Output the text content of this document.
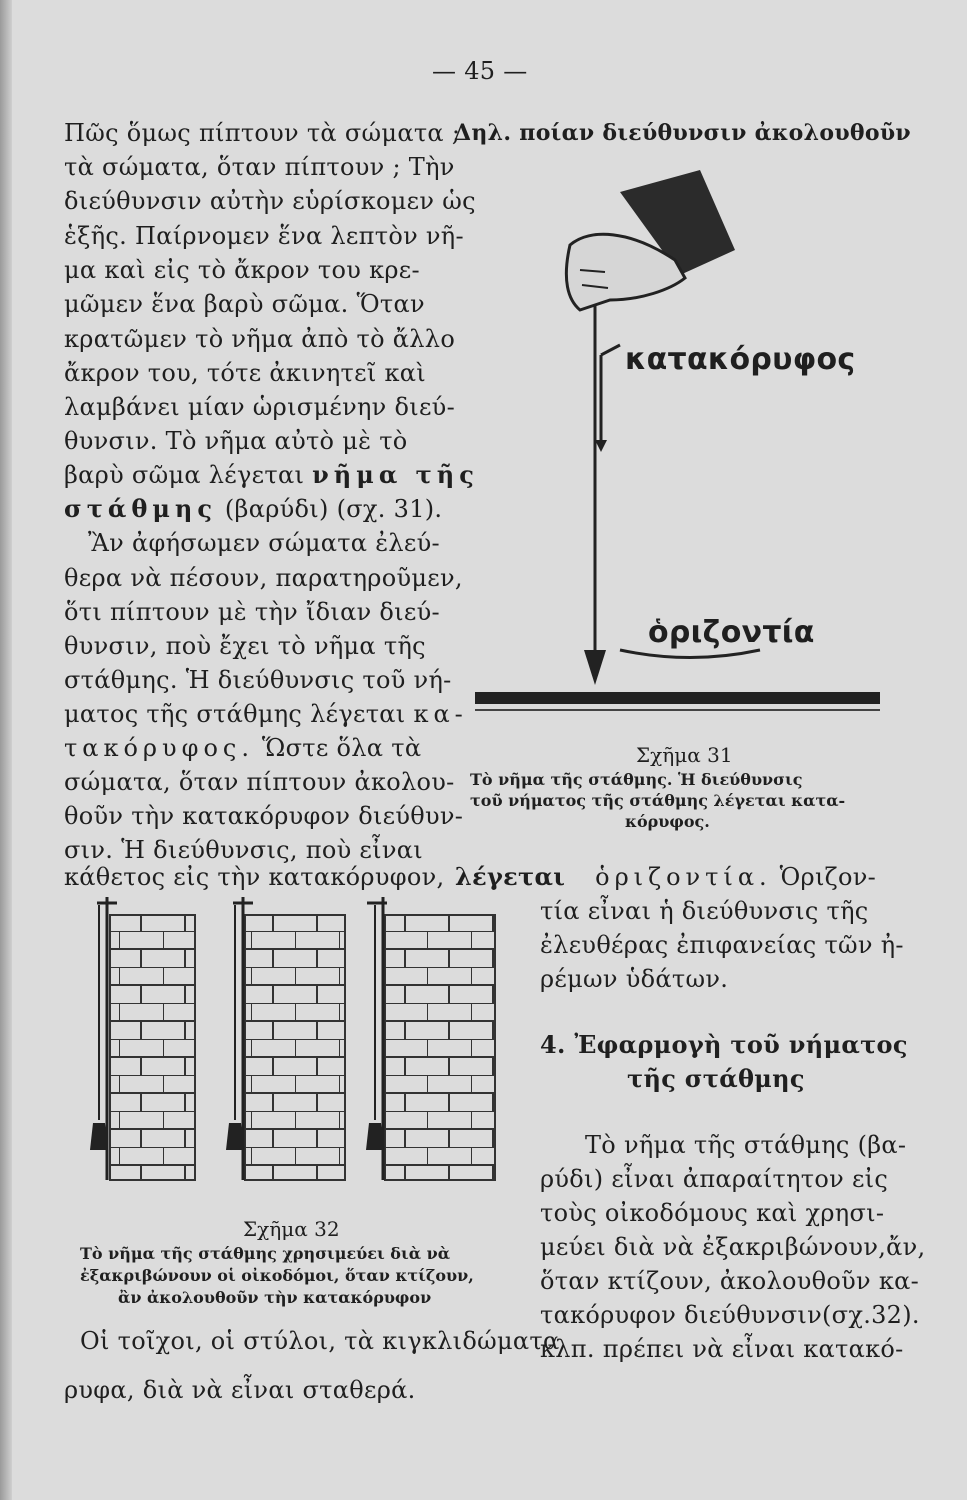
— 45 —
Πῶς ὅμως πίπτουν τὰ σώματα ;
τὰ σώματα, ὅταν πίπτουν ; Τὴν
διεύθυνσιν αὐτὴν εὑρίσκομεν ὡς
ἑξῆς. Παίρνομεν ἕνα λεπτὸν νῆ-
μα καὶ εἰς τὸ ἄκρον του κρε-
μῶμεν ἕνα βαρὺ σῶμα. Ὅταν
κρατῶμεν τὸ νῆμα ἀπὸ τὸ ἄλλο
ἄκρον του, τότε ἀκινητεῖ καὶ
λαμβάνει μίαν ὡρισμένην διεύ-
θυνσιν. Τὸ νῆμα αὐτὸ μὲ τὸ
βαρὺ σῶμα λέγεται νῆμα τῆς
στάθμης (βαρύδι) (σχ. 31).
Ἂν ἀφήσωμεν σώματα ἐλεύ-
θερα νὰ πέσουν, παρατηροῦμεν,
ὅτι πίπτουν μὲ τὴν ἴδιαν διεύ-
θυνσιν, ποὺ ἔχει τὸ νῆμα τῆς
στάθμης. Ἡ διεύθυνσις τοῦ νή-
ματος τῆς στάθμης λέγεται κα-
τακόρυφος. Ὥστε ὅλα τὰ
σώματα, ὅταν πίπτουν ἀκολου-
θοῦν τὴν κατακόρυφον διεύθυν-
σιν. Ἡ διεύθυνσις, ποὺ εἶναι
κάθετος εἰς τὴν κατακόρυφον,
Δηλ. ποίαν διεύθυνσιν ἀκολουθοῦν
κατακόρυφος
ὁριζοντία
Σχῆμα 31
Τὸ νῆμα τῆς στάθμης. Ἡ διεύθυνσις
τοῦ νήματος τῆς στάθμης λέγεται κατα-
κόρυφος.
λέγεται ὁριζοντία. Ὁριζον-
τία εἶναι ἡ διεύθυνσις τῆς
ἐλευθέρας ἐπιφανείας τῶν ἠ-
ρέμων ὑδάτων.
4. Ἐφαρμογὴ τοῦ νήματος
τῆς στάθμης
Τὸ νῆμα τῆς στάθμης (βα-
ρύδι) εἶναι ἀπαραίτητον εἰς
τοὺς οἰκοδόμους καὶ χρησι-
μεύει διὰ νὰ ἐξακριβώνουν,ἄν,
ὅταν κτίζουν, ἀκολουθοῦν κα-
τακόρυφον διεύθυνσιν(σχ.32).
κλπ. πρέπει νὰ εἶναι κατακό-
Σχῆμα 32
Τὸ νῆμα τῆς στάθμης χρησιμεύει διὰ νὰ
ἐξακριβώνουν οἱ οἰκοδόμοι, ὅταν κτίζουν,
ἂν ἀκολουθοῦν τὴν κατακόρυφον
Οἱ τοῖχοι, οἱ στύλοι, τὰ κιγκλιδώματα
ρυφα, διὰ νὰ εἶναι σταθερά.
